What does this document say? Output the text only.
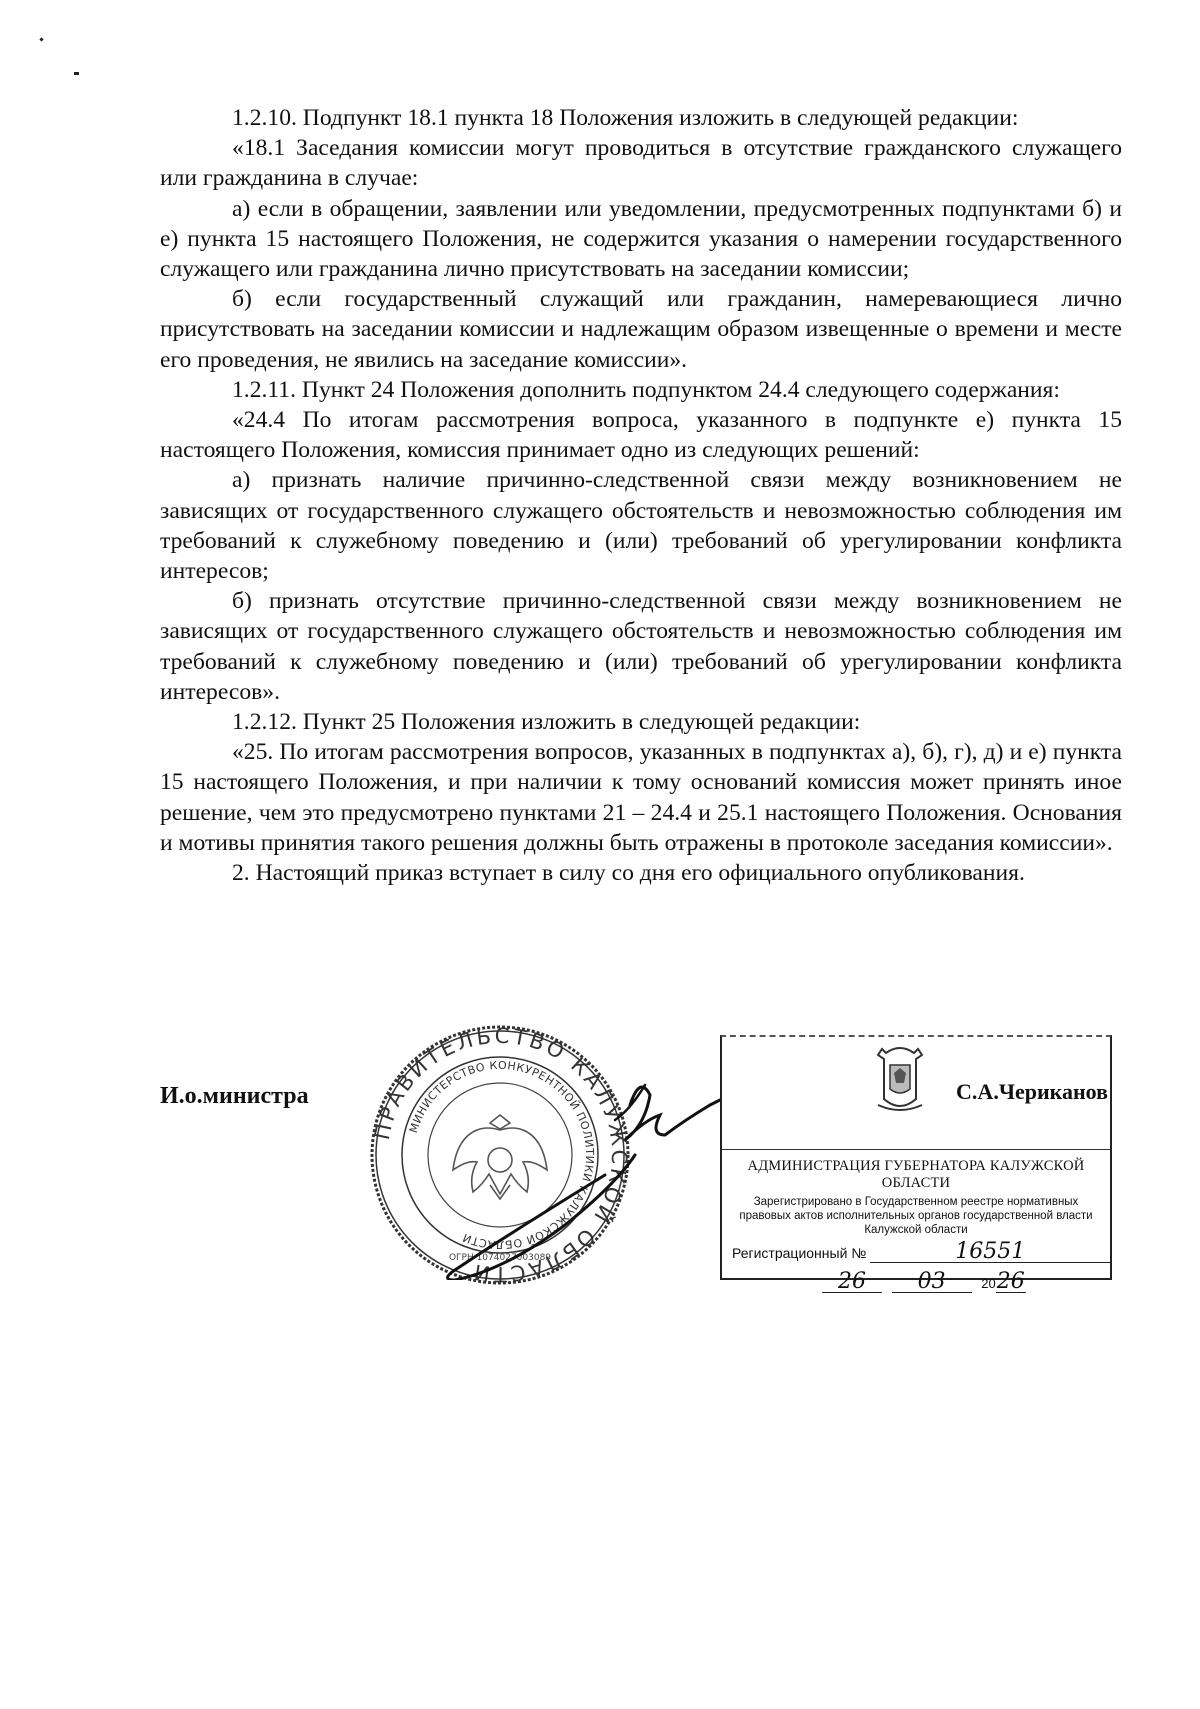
1.2.10. Подпункт 18.1 пункта 18 Положения изложить в следующей редакции:

«18.1 Заседания комиссии могут проводиться в отсутствие гражданского служащего или гражданина в случае:

а) если в обращении, заявлении или уведомлении, предусмотренных подпунктами б) и е) пункта 15 настоящего Положения, не содержится указания о намерении государственного служащего или гражданина лично присутствовать на заседании комиссии;

б) если государственный служащий или гражданин, намеревающиеся лично присутствовать на заседании комиссии и надлежащим образом извещенные о времени и месте его проведения, не явились на заседание комиссии».

1.2.11. Пункт 24 Положения дополнить подпунктом 24.4 следующего содержания:

«24.4 По итогам рассмотрения вопроса, указанного в подпункте е) пункта 15 настоящего Положения, комиссия принимает одно из следующих решений:

а) признать наличие причинно-следственной связи между возникновением не зависящих от государственного служащего обстоятельств и невозможностью соблюдения им требований к служебному поведению и (или) требований об урегулировании конфликта интересов;

б) признать отсутствие причинно-следственной связи между возникновением не зависящих от государственного служащего обстоятельств и невозможностью соблюдения им требований к служебному поведению и (или) требований об урегулировании конфликта интересов».

1.2.12. Пункт 25 Положения изложить в следующей редакции:

«25. По итогам рассмотрения вопросов, указанных в подпунктах а), б), г), д) и е) пункта 15 настоящего Положения, и при наличии к тому оснований комиссия может принять иное решение, чем это предусмотрено пунктами 21 – 24.4 и 25.1 настоящего Положения. Основания и мотивы принятия такого решения должны быть отражены в протоколе заседания комиссии».

2. Настоящий приказ вступает в силу со дня его официального опубликования.

И.о.министра
ПРАВИТЕЛЬСТВО КАЛУЖСКОЙ ОБЛАСТИ
МИНИСТЕРСТВО КОНКУРЕНТНОЙ ПОЛИТИКИ КАЛУЖСКОЙ ОБЛАСТИ
ОГРН 1074027003089
С.А.Чериканов
АДМИНИСТРАЦИЯ ГУБЕРНАТОРА КАЛУЖСКОЙ ОБЛАСТИ
Зарегистрировано в Государственном реестре нормативных правовых актов исполнительных органов государственной власти Калужской области
Регистрационный №	16551
26 03	2026
